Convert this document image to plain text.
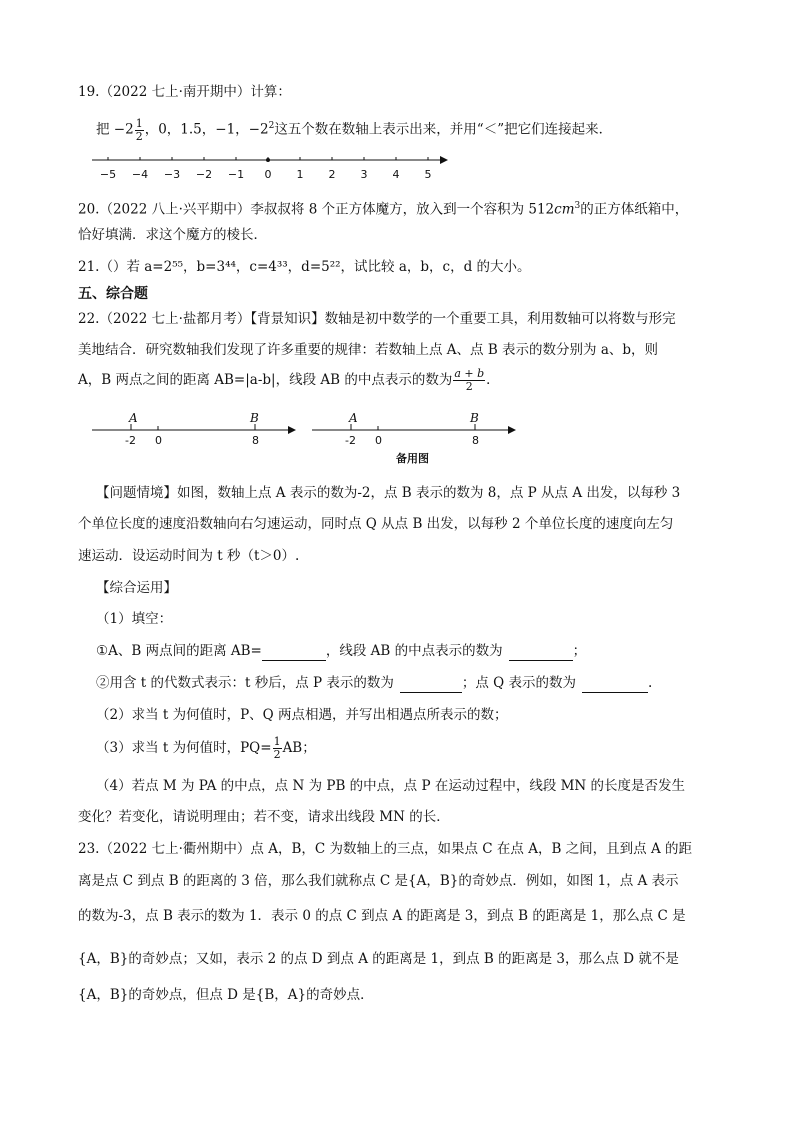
19.（2022 七上·南开期中）计算：
把 $-2 \frac{1}{2}$ ，0，1.5，−1，$-2^2$这五个数在数轴上表示出来，并用“＜”把它们连接起来．
−5 −4 −3 −2 −1 0 1 2 3 4 5
20.（2022 八上·兴平期中）李叔叔将 8 个正方体魔方，放入到一个容积为 $512cm^3$的正方体纸箱中，
恰好填满．求这个魔方的棱长．
21.（）若 a=2⁵⁵，b=3⁴⁴，c=4³³，d=5²²，试比较 a，b，c，d 的大小。
五、综合题
22.（2022 七上·盐都月考）【背景知识】数轴是初中数学的一个重要工具，利用数轴可以将数与形完
美地结合．研究数轴我们发现了许多重要的规律：若数轴上点 A、点 B 表示的数分别为 a、b，则
A，B 两点之间的距离 AB=|a-b|，线段 AB 的中点表示的数为 $\frac{a + b}{2}$ ．
A	B
-2 0	8
A	B
-2 0	8
备用图
【问题情境】如图，数轴上点 A 表示的数为-2，点 B 表示的数为 8，点 P 从点 A 出发，以每秒 3
个单位长度的速度沿数轴向右匀速运动，同时点 Q 从点 B 出发，以每秒 2 个单位长度的速度向左匀
速运动．设运动时间为 t 秒（t＞0）.
【综合运用】
（1）填空：
①A、B 两点间的距离 AB=	，线段 AB 的中点表示的数为	；
②用含 t 的代数式表示：t 秒后，点 P 表示的数为	；点 Q 表示的数为	.
（2）求当 t 为何值时，P、Q 两点相遇，并写出相遇点所表示的数；
（3）求当 t 为何值时，$PQ= \frac{1}{2}$ AB；
（4）若点 M 为 PA 的中点，点 N 为 PB 的中点，点 P 在运动过程中，线段 MN 的长度是否发生
变化？若变化，请说明理由；若不变，请求出线段 MN 的长．
23.（2022 七上·衢州期中）点 A，B，C 为数轴上的三点，如果点 C 在点 A，B 之间，且到点 A 的距
离是点 C 到点 B 的距离的 3 倍，那么我们就称点 C 是{A，B}的奇妙点．例如，如图 1，点 A 表示
的数为-3，点 B 表示的数为 1．表示 0 的点 C 到点 A 的距离是 3，到点 B 的距离是 1，那么点 C 是
{A，B}的奇妙点；又如，表示 2 的点 D 到点 A 的距离是 1，到点 B 的距离是 3，那么点 D 就不是
{A，B}的奇妙点，但点 D 是{B，A}的奇妙点．
